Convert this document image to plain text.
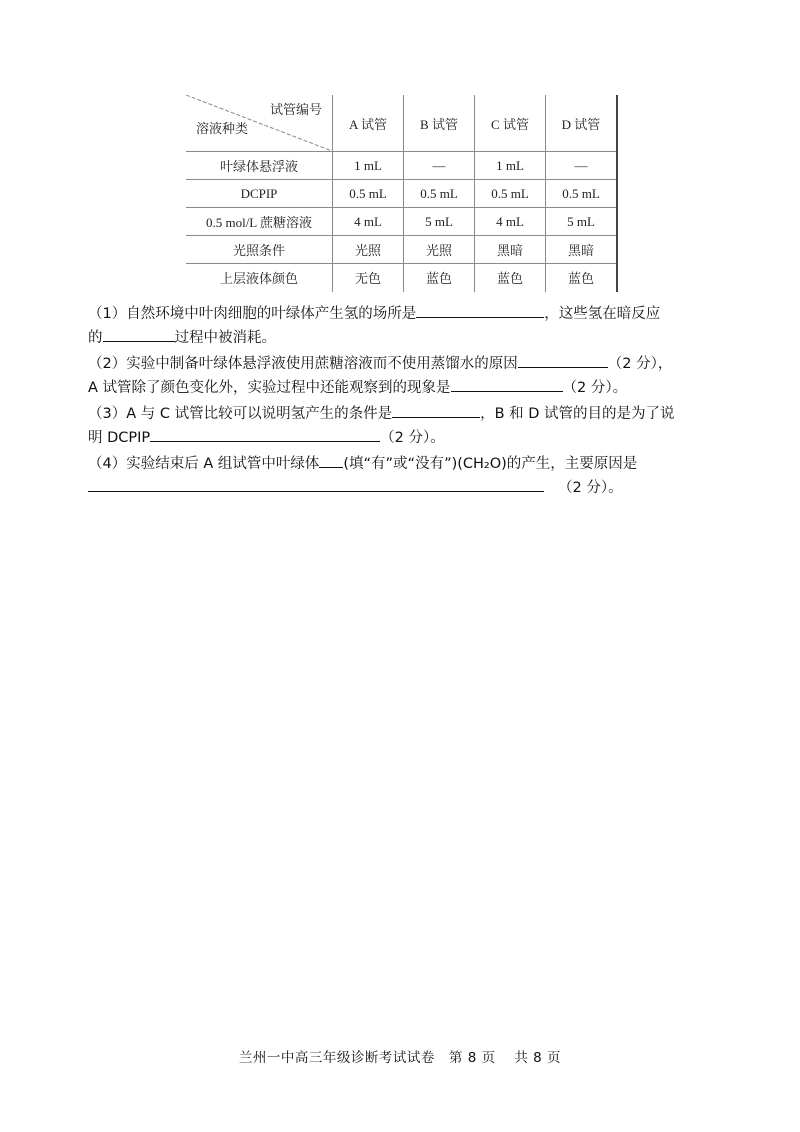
试管编号
溶液种类	A 试管	B 试管	C 试管	D 试管
叶绿体悬浮液	1 mL	—	1 mL	—
DCPIP	0.5 mL	0.5 mL	0.5 mL	0.5 mL
0.5 mol/L 蔗糖溶液	4 mL	5 mL	4 mL	5 mL
光照条件	光照	光照	黑暗	黑暗
上层液体颜色	无色	蓝色	蓝色	蓝色
（1）自然环境中叶肉细胞的叶绿体产生氢的场所是	，这些氢在暗反应
的	过程中被消耗。
（2）实验中制备叶绿体悬浮液使用蔗糖溶液而不使用蒸馏水的原因	（2 分），
A 试管除了颜色变化外，实验过程中还能观察到的现象是	（2 分）。
（3）A 与 C 试管比较可以说明氢产生的条件是	，B 和 D 试管的目的是为了说
明 DCPIP	（2 分）。
（4）实验结束后 A 组试管中叶绿体 (填“有”或“没有”)(CH₂O)的产生，主要原因是
（2 分）。
兰州一中高三年级诊断考试试卷　第 8 页　 共 8 页
